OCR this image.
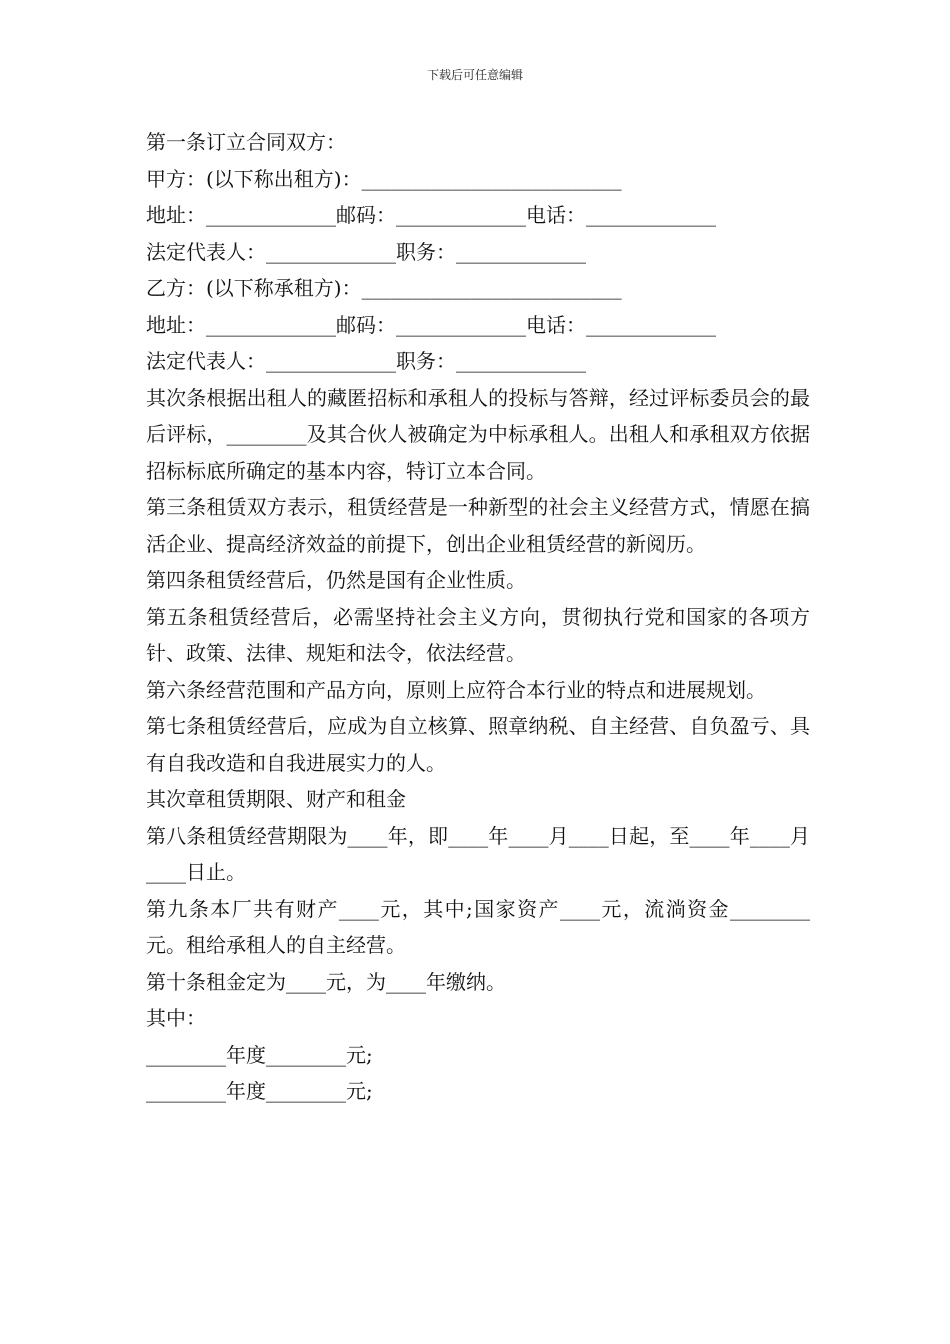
下载后可任意编辑
第一条订立合同双方：
甲方：(以下称出租方)：__________________________
地址：_____________邮码：_____________电话：_____________
法定代表人：_____________职务：_____________
乙方：(以下称承租方)：__________________________
地址：_____________邮码：_____________电话：_____________
法定代表人：_____________职务：_____________
其次条根据出租人的藏匿招标和承租人的投标与答辩，经过评标委员会的最后评标，________及其合伙人被确定为中标承租人。出租人和承租双方依据招标标底所确定的基本内容，特订立本合同。
第三条租赁双方表示，租赁经营是一种新型的社会主义经营方式，情愿在搞活企业、提高经济效益的前提下，创出企业租赁经营的新阅历。
第四条租赁经营后，仍然是国有企业性质。
第五条租赁经营后，必需坚持社会主义方向，贯彻执行党和国家的各项方针、政策、法律、规矩和法令，依法经营。
第六条经营范围和产品方向，原则上应符合本行业的特点和进展规划。
第七条租赁经营后，应成为自立核算、照章纳税、自主经营、自负盈亏、具有自我改造和自我进展实力的人。
其次章租赁期限、财产和租金
第八条租赁经营期限为____年，即____年____月____日起，至____年____月____日止。
第九条本厂共有财产____元，其中;国家资产____元，流淌资金________元。租给承租人的自主经营。
第十条租金定为____元，为____年缴纳。
其中：
________年度________元;
________年度________元;
